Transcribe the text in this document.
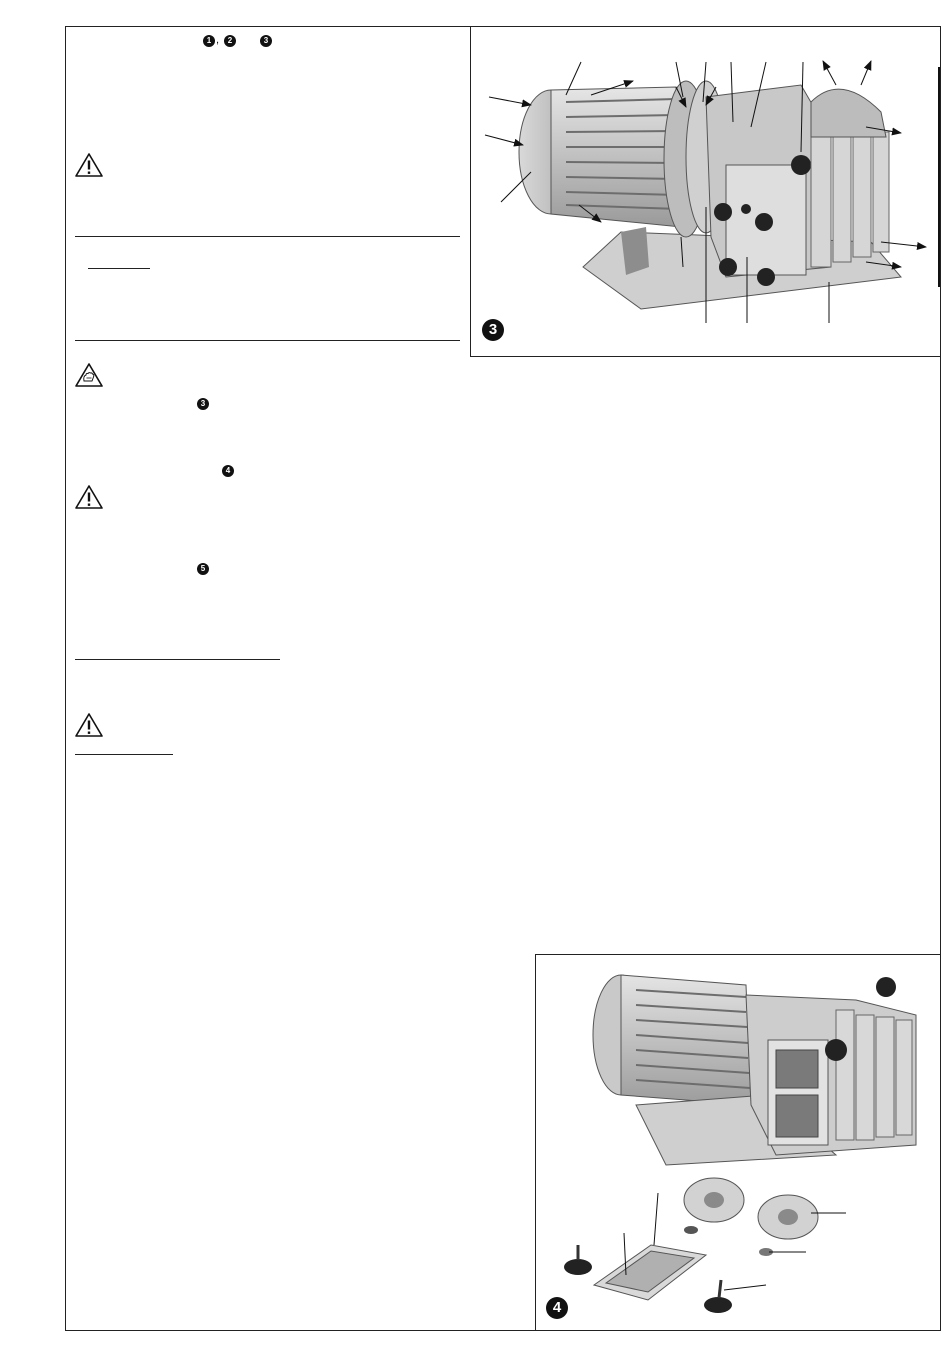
1 ,	2	3
3
4
5
3
4
